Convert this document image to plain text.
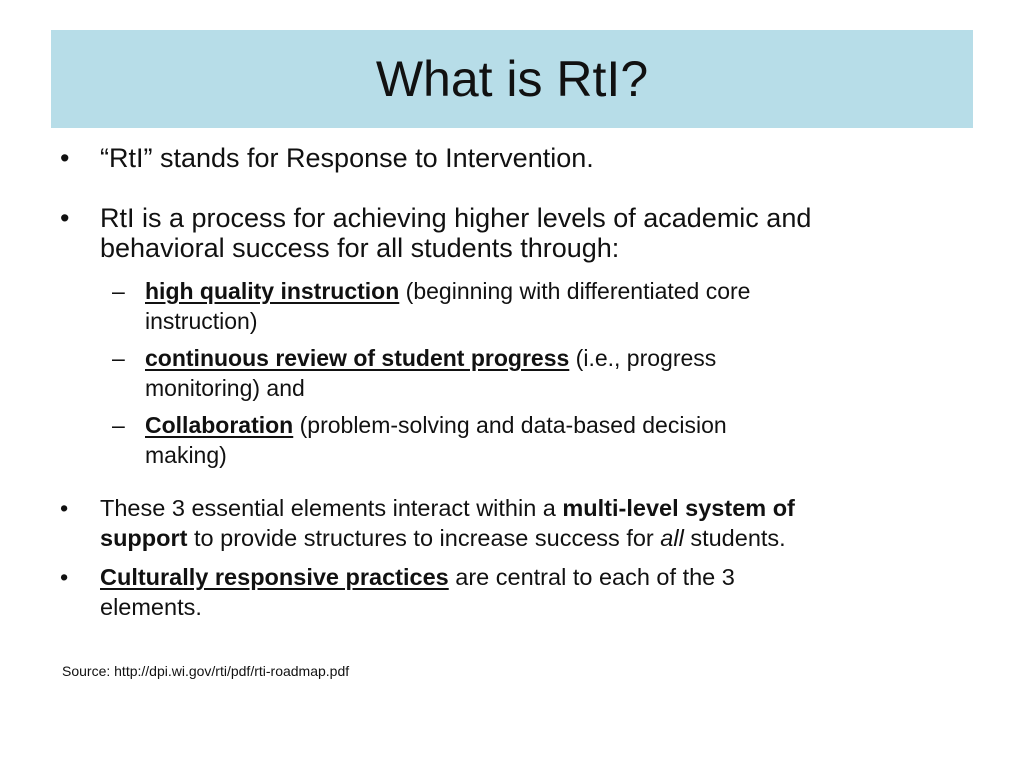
What is RtI?
•	“RtI” stands for Response to Intervention.
•	RtI is a process for achieving higher levels of academic and
behavioral success for all students through:
– high quality instruction (beginning with differentiated core
instruction)
– continuous review of student progress (i.e., progress
monitoring) and
– Collaboration (problem-solving and data-based decision
making)
•	These 3 essential elements interact within a multi-level system of
support to provide structures to increase success for all students.
•	Culturally responsive practices are central to each of the 3
elements.
Source: http://dpi.wi.gov/rti/pdf/rti-roadmap.pdf
